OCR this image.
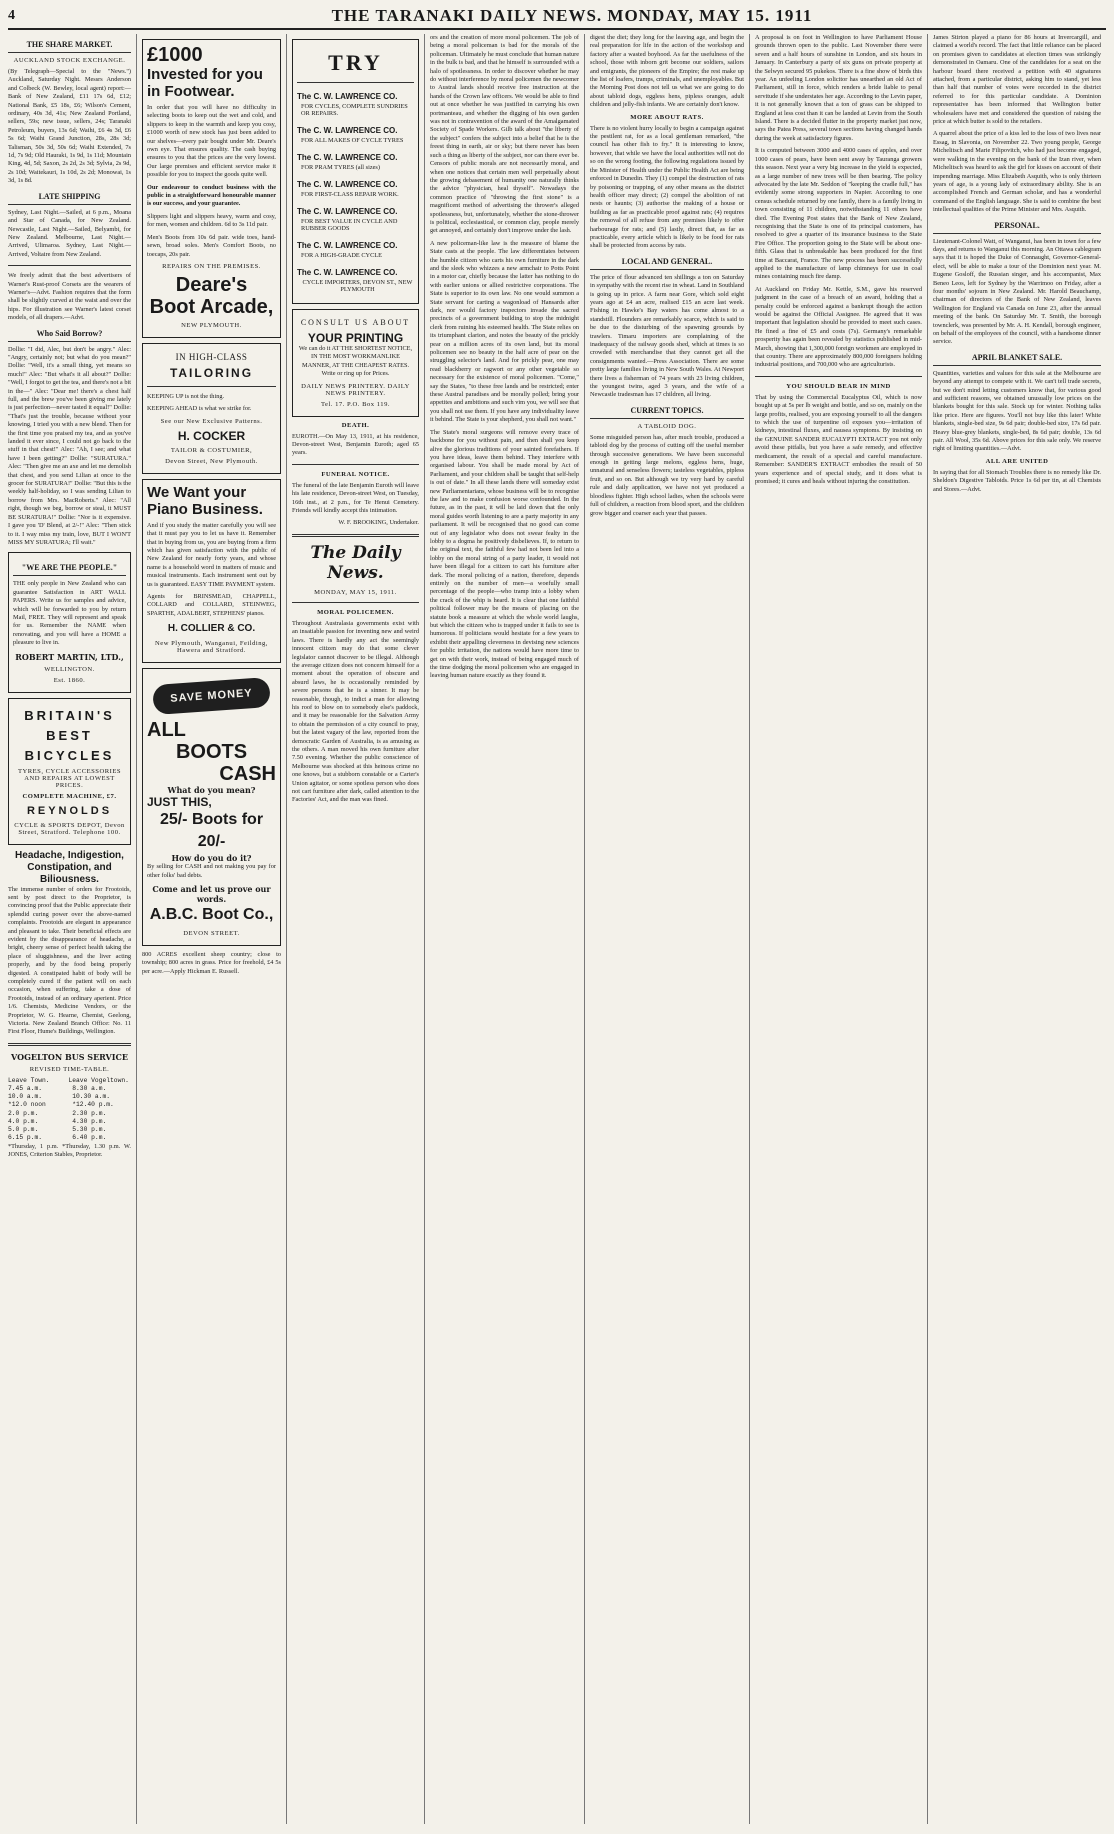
4	THE TARANAKI DAILY NEWS. MONDAY, MAY 15. 1911
THE SHARE MARKET.
AUCKLAND STOCK EXCHANGE.

(By Telegraph—Special to the "News.") Auckland, Saturday Night. Messrs Anderson and Colbeck (W. Bewley, local agent) report:—Bank of New Zealand, £11 17s 6d, £12; National Bank, £5 18s, £6; Wilson's Cement, ordinary, 40s 3d, 41s; New Zealand Portland, sellers, 59s; new issue, sellers, 24s; Taranaki Petroleum, buyers, 13s 6d; Waihi, £6 4s 3d, £6 5s 6d; Waihi Grand Junction, 28s, 28s 3d; Talisman, 50s 3d, 50s 6d; Waihi Extended, 7s 1d, 7s 9d; Old Hauraki, 1s 9d, 1s 11d; Mountain King, 4d, 5d; Saxon, 2s 2d, 2s 3d; Sylvia, 2s 9d, 2s 10d; Waitekauri, 1s 10d, 2s 2d; Monowai, 1s 3d, 1s 8d.

LATE SHIPPING

Sydney, Last Night.—Sailed, at 6 p.m., Moana and Star of Canada, for New Zealand. Newcastle, Last Night.—Sailed, Belyambi, for New Zealand. Melbourne, Last Night.—Arrived, Ulimaroa. Sydney, Last Night.—Arrived, Voltaire from New Zealand.

We freely admit that the best advertisers of Warner's Rust-proof Corsets are the wearers of Warner's—Advt. Fashion requires that the form shall be slightly curved at the waist and over the hips. For illustration see Warner's latest corset models, of all drapers.—Advt.

Who Said Borrow?

Dollie: "I did, Alec, but don't be angry." Alec: "Angry, certainly not; but what do you mean?" Dollie: "Well, it's a small thing, yet means so much!" Alec: "But what's it all about?" Dollie: "Well, I forgot to get the tea, and there's not a bit in the—" Alec: "Dear me! there's a chest half full, and the brew you've been giving me lately is just perfection—never tasted it equal!" Dollie: "That's just the trouble, because without your knowing, I tried you with a new blend. Then for the first time you praised my tea, and as you've landed it ever since, I could not go back to the stuff in that chest!" Alec: "Ah, I see; and what have I been getting?" Dollie: "SURATURA." Alec: "Then give me an axe and let me demolish that chest, and you send Lilian at once to the grocer for SURATURA!" Dollie: "But this is the weekly half-holiday, so I was sending Lilian to borrow from Mrs. MacRoberts." Alec: "All right, though we beg, borrow or steal, it MUST BE SURATURA!" Dollie: "Nor is it expensive. I gave you 'D' Blend, at 2/-!" Alec: "Then stick to it. I way miss my train, love, BUT I WON'T MISS MY SURATURA; I'll wait."

"WE ARE THE PEOPLE."

THE only people in New Zealand who can guarantee Satisfaction in ART WALL PAPERS. Write us for samples and advice, which will be forwarded to you by return Mail, FREE. They will represent and speak for us. Remember the NAME when renovating, and you will have a HOME a pleasure to live in.

ROBERT MARTIN, LTD.,
WELLINGTON.
Est. 1860.
BRITAIN'S
BEST
BICYCLES
TYRES, CYCLE ACCESSORIES AND REPAIRS AT LOWEST PRICES.
COMPLETE MACHINE, £7.
REYNOLDS
CYCLE & SPORTS DEPOT, Devon Street, Stratford. Telephone 100.
Headache, Indigestion, Constipation, and Biliousness.

The immense number of orders for Frootoids, sent by post direct to the Proprietor, is convincing proof that the Public appreciate their splendid curing power over the above-named complaints. Frootoids are elegant in appearance and pleasant to take. Their beneficial effects are evident by the disappearance of headache, a bright, cheery sense of perfect health taking the place of sluggishness, and the liver acting properly, and by the food being properly digested. A constipated habit of body will be completely cured if the patient will on each occasion, when suffering, take a dose of Frootoids, instead of an ordinary aperient. Price 1/6. Chemists, Medicine Vendors, or the Proprietor, W. G. Hearne, Chemist, Geelong, Victoria. New Zealand Branch Office: No. 11 First Floor, Hume's Buildings, Wellington.

VOGELTON BUS SERVICE
REVISED TIME-TABLE.
Leave Town.     Leave Vogeltown.
7.45 a.m.        8.30 a.m.
10.0 a.m.        10.30 a.m.
*12.0 noon       *12.40 p.m.
2.0 p.m.         2.30 p.m.
4.0 p.m.         4.30 p.m.
5.0 p.m.         5.30 p.m.
6.15 p.m.        6.40 p.m.

*Thursday, 1 p.m. *Thursday, 1.30 p.m. W. JONES, Criterion Stables, Proprietor.

£1000
Invested for you in Footwear.

In order that you will have no difficulty in selecting boots to keep out the wet and cold, and slippers to keep in the warmth and keep you cosy, £1000 worth of new stock has just been added to our shelves—every pair bought under Mr. Deare's own eye. That ensures quality. The cash buying ensures to you that the prices are the very lowest. Our large premises and efficient service make it possible for you to inspect the goods quite well.

Our endeavour to conduct business with the public in a straightforward honourable manner is our success, and your guarantee.

Slippers light and slippers heavy, warm and cosy, for men, women and children. 6d to 3s 11d pair.

Men's Boots from 10s 6d pair. wide toes, hand-sewn, broad soles. Men's Comfort Boots, no toecaps, 20s pair.

REPAIRS ON THE PREMISES.
Deare's
Boot Arcade,
NEW PLYMOUTH.
IN HIGH-CLASS
TAILORING

KEEPING UP is not the thing.

KEEPING AHEAD is what we strike for.

See our New Exclusive Patterns.
H. COCKER
TAILOR & COSTUMIER,
Devon Street, New Plymouth.
We Want your Piano Business.

And if you study the matter carefully you will see that it must pay you to let us have it. Remember that in buying from us, you are buying from a firm which has given satisfaction with the public of New Zealand for nearly forty years, and whose name is a household word in matters of music and musical instruments. Each instrument sent out by us is guaranteed. EASY TIME PAYMENT system.

Agents for BRINSMEAD, CHAPPELL, COLLARD and COLLARD, STEINWEG, SPARTHE, ADALBERT, STEPHENS' pianos.

H. COLLIER & CO.
New Plymouth, Wanganui, Feilding, Hawera and Stratford.
SAVE MONEY
ALL
BOOTS
CASH
What do you mean?
JUST THIS,
25/- Boots for 20/-
How do you do it?

By selling for CASH and not making you pay for other folks' bad debts.

Come and let us prove our words.
A.B.C. Boot Co.,
DEVON STREET.

800 ACRES excellent sheep country; close to township; 800 acres in grass. Price for freehold, £4 5s per acre.—Apply Hickman E. Russell.

TRY
The C. W. LAWRENCE CO.
FOR CYCLES, COMPLETE SUNDRIES OR REPAIRS.
The C. W. LAWRENCE CO.
FOR ALL MAKES OF CYCLE TYRES
The C. W. LAWRENCE CO.
FOR PRAM TYRES (all sizes)
The C. W. LAWRENCE CO.
FOR FIRST-CLASS REPAIR WORK.
The C. W. LAWRENCE CO.
FOR BEST VALUE IN CYCLE AND RUBBER GOODS
The C. W. LAWRENCE CO.
FOR A HIGH-GRADE CYCLE
The C. W. LAWRENCE CO.
CYCLE IMPORTERS, DEVON ST., NEW PLYMOUTH
CONSULT US ABOUT
YOUR PRINTING

We can do it AT THE SHORTEST NOTICE, IN THE MOST WORKMANLIKE MANNER, AT THE CHEAPEST RATES. Write or ring up for Prices.

DAILY NEWS PRINTERY. DAILY NEWS PRINTERY.
Tel. 17. P.O. Box 119.
DEATH.

EUROTH.—On May 13, 1911, at his residence, Devon-street West, Benjamin Euroth; aged 65 years.

FUNERAL NOTICE.

The funeral of the late Benjamin Euroth will leave his late residence, Devon-street West, on Tuesday, 16th inst., at 2 p.m., for Te Henui Cemetery. Friends will kindly accept this intimation.

W. F. BROOKING, Undertaker.

The Daily News.
MONDAY, MAY 15, 1911.
MORAL POLICEMEN.

Throughout Australasia governments exist with an insatiable passion for inventing new and weird laws. There is hardly any act the seemingly innocent citizen may do that some clever legislator cannot discover to be illegal. Although the average citizen does not concern himself for a moment about the operation of obscure and absurd laws, he is occasionally reminded by severe persons that he is a sinner. It may be reasonable, though, to indict a man for allowing his roof to blow on to somebody else's paddock, and it may be reasonable for the Salvation Army to obtain the permission of a city council to pray, but the latest vagary of the law, reported from the democratic Garden of Australia, is as amusing as the others. A man moved his own furniture after 7.50 evening. Whether the public conscience of Melbourne was shocked at this heinous crime no one knows, but a stubborn constable or a Carter's Union agitator, or some spotless person who does not cart furniture after dark, called attention to the Factories' Act, and the man was fined.

ors and the creation of more moral policemen. The job of being a moral policeman is bad for the morals of the policeman. Ultimately he must conclude that human nature in the bulk is bad, and that he himself is surrounded with a halo of spotlessness. In order to discover whether he may do without interference by moral policemen the newcomer to Austral lands should receive free instruction at the hands of the Crown law officers. We would be able to find out at once whether he was justified in carrying his own portmanteau, and whether the digging of his own garden was not in contravention of the award of the Amalgamated Society of Spade Workers. Gilb talk about "the liberty of the subject" confers the subject into a belief that he is the freest thing in earth, air or sky; but there never has been such a thing as liberty of the subject, nor can there ever be. Censors of public morals are not necessarily moral, and when one notices that certain men well perpetually about the growing debasement of humanity one naturally thinks the advice "physician, heal thyself". Nowadays the common practice of "throwing the first stone" is a magnificent method of advertising the thrower's alleged spotlessness, but, unfortunately, whether the stone-thrower is political, ecclesiastical, or common clay, people merely get annoyed, and certainly don't improve under the lash.

A new policeman-like law is the measure of blame the State casts at the people. The law differentiates between the humble citizen who carts his own furniture in the dark and the sleek who whizzes a new armchair to Potts Point in a motor car, chiefly because the latter has nothing to do with earlier unions or allied restrictive corporations. The State is superior to its own law. No one would summon a State servant for carting a wagonload of Hansards after dark, nor would factory inspectors invade the sacred precincts of a government building to stop the midnight clerk from ruining his esteemed health. The State relies on its triumphant clarion, and notes the beauty of the prickly pear on a million acres of its own land, but its moral policemen see no beauty in the half acre of pear on the struggling selector's land. And for prickly pear, one may read blackberry or ragwort or any other vegetable so necessary for the existence of moral policemen. "Come," say the States, "to these free lands and be restricted; enter these Austral paradises and be morally polled; bring your appetites and ambitions and such vim you, we will see that you shall not use them. If you have any individuality leave it behind. The State is your shepherd, you shall not want."

The State's moral surgeons will remove every trace of backbone for you without pain, and then shall you keep alive the glorious traditions of your sainted forefathers. If you have ideas, leave them behind. They interfere with organised labour. You shall be made moral by Act of Parliament, and your children shall be taught that self-help is out of date." In all these lands there will someday exist new Parliamentarians, whose business will be to recognise the law and to make confusion worse confounded. In the future, as in the past, it will be laid down that the only moral guides worth listening to are a party majority in any parliament. It will be recognised that no good can come out of any legislator who does not swear fealty in the lobby to a dogma he positively disbelieves. If, to return to the original text, the faithful few had not been led into a lobby on the moral string of a party leader, it would not have been illegal for a citizen to cart his furniture after dark. The moral policing of a nation, therefore, depends entirely on the number of men—a woefully small percentage of the people—who tramp into a lobby when the crack of the whip is heard. It is clear that one faithful political follower may be the means of placing on the statute book a measure at which the whole world laughs, but which the citizen who is trapped under it fails to see is humorous. If politicians would hesitate for a few years to exhibit their appalling cleverness in devising new sciences for public irritation, the nations would have more time to get on with their work, instead of being engaged much of the time dodging the moral policemen who are engaged in leaving human nature exactly as they found it.

digest the diet; they long for the leaving age, and begin the real preparation for life in the action of the workshop and factory after a wasted boyhood. As far the usefulness of the school, those with inborn grit become our soldiers, sailors and emigrants, the pioneers of the Empire; the rest make up the list of loafers, tramps, criminals, and unemployables. But the Morning Post does not tell us what we are going to do about tabloid dogs, eggless hens, pipless oranges, adult children and jelly-fish infants. We are certainly don't know.

MORE ABOUT RATS.

There is no violent hurry locally to begin a campaign against the pestilent rat, for as a local gentleman remarked, "the council has other fish to fry." It is interesting to know, however, that while we have the local authorities will not do so on the wrong footing, the following regulations issued by the Minister of Health under the Public Health Act are being enforced in Dunedin. They (1) compel the destruction of rats by poisoning or trapping, of any other means as the district health officer may direct; (2) compel the abolition of rat nests or haunts; (3) authorise the making of a house or building as far as practicable proof against rats; (4) requires the removal of all refuse from any premises likely to offer harbourage for rats; and (5) lastly, direct that, as far as practicable, every article which is likely to be food for rats shall be protected from access by rats.

LOCAL AND GENERAL.

The price of flour advanced ten shillings a ton on Saturday in sympathy with the recent rise in wheat. Land in Southland is going up in price. A farm near Gore, which sold eight years ago at £4 an acre, realised £15 an acre last week. Fishing in Hawke's Bay waters has come almost to a standstill. Flounders are remarkably scarce, which is said to be due to the disturbing of the spawning grounds by trawlers. Timaru importers are complaining of the inadequacy of the railway goods shed, which at times is so crowded with merchandise that they cannot get all the consignments wanted.—Press Association. There are some pretty large families living in New South Wales. At Newport there lives a fisherman of 74 years with 23 living children, the youngest twins, aged 3 years, and the wife of a Newcastle tradesman has 17 children, all living.

CURRENT TOPICS.
A TABLOID DOG.

Some misguided person has, after much trouble, produced a tabloid dog by the process of cutting off the useful member through successive generations. We have been successful enough in getting large melons, eggless hens, huge, unnatural and senseless flowers; tasteless vegetables, pipless fruit, and so on. But although we try very hard by careful rule and daily application, we have not yet produced a bloodless fighter. High school ladies, when the schools were full of children, a reaction from blood sport, and the children grow bigger and coarser each year that passes.

A proposal is on foot in Wellington to have Parliament House grounds thrown open to the public. Last November there were seven and a half hours of sunshine in London, and six hours in January. In Canterbury a party of six guns on private property at the Selwyn secured 95 pukekos. There is a fine show of birds this year. An unfeeling London solicitor has unearthed an old Act of Parliament, still in force, which renders a bride liable to penal servitude if she understates her age. According to the Levin paper, it is not generally known that a ton of grass can be shipped to England at less cost than it can be landed at Levin from the South Island. There is a decided flutter in the property market just now, says the Patea Press, several town sections having changed hands during the week at satisfactory figures.

It is computed between 3000 and 4000 cases of apples, and over 1000 cases of pears, have been sent away by Tauranga growers this season. Next year a very big increase in the yield is expected, as a large number of new trees will be then bearing. The policy advocated by the late Mr. Seddon of "keeping the cradle full," has evidently some strong supporters in Napier. According to one census schedule returned by one family, there is a family living in town consisting of 11 children, notwithstanding 11 others have died. The Evening Post states that the Bank of New Zealand, recognising that the State is one of its principal customers, has resolved to give a quarter of its insurance business to the State Fire Office. The proportion going to the State will be about one-fifth. Glass that is unbreakable has been produced for the first time at Baccarat, France. The new process has been successfully applied to the manufacture of lamp chimneys for use in coal mines containing much fire damp.

At Auckland on Friday Mr. Kettle, S.M., gave his reserved judgment in the case of a breach of an award, holding that a penalty could be enforced against a bankrupt though the action would be against the Official Assignee. He agreed that it was important that legislation should be provided to meet such cases. He fined a fine of £5 and costs (7s). Germany's remarkable prosperity has again been revealed by statistics published in mid-March, showing that 1,300,000 foreign workmen are employed in that country. There are approximately 800,000 foreigners holding industrial positions, and 700,000 who are agriculturists.

YOU SHOULD BEAR IN MIND

That by using the Commercial Eucalyptus Oil, which is now bought up at 5s per lb weight and bottle, and so on, mainly on the large profits, realised, you are exposing yourself to all the dangers to which the use of turpentine oil exposes you—irritation of kidneys, intestinal fluxes, and nausea symptoms. By insisting on the GENUINE SANDER EUCALYPTI EXTRACT you not only avoid these pitfalls, but you have a safe remedy, and effective medicament, the result of a special and careful manufacture. Remember: SANDER'S EXTRACT embodies the result of 50 years experience and of special study, and it does what is promised; it cures and heals without injuring the constitution.

James Stirton played a piano for 86 hours at Invercargill, and claimed a world's record. The fact that little reliance can be placed on promises given to candidates at election times was strikingly demonstrated in Oamaru. One of the candidates for a seat on the harbour board there received a petition with 40 signatures attached, from a particular district, asking him to stand, yet less than half that number of votes were recorded in the district referred to for this particular candidate. A Dominion representative has been informed that Wellington butter wholesalers have met and considered the question of raising the price at which butter is sold to the retailers.

A quarrel about the price of a kiss led to the loss of two lives near Essag, in Slavonia, on November 22. Two young people, George Michelitsch and Marie Filipovitch, who had just become engaged, were walking in the evening on the bank of the Izan river, when Michelitsch was heard to ask the girl for kisses on account of their impending marriage. Miss Elizabeth Asquith, who is only thirteen years of age, is a young lady of extraordinary ability. She is an accomplished French and German scholar, and has a wonderful command of the English language. She is said to combine the best intellectual qualities of the Prime Minister and Mrs. Asquith.

PERSONAL.

Lieutenant-Colonel Watt, of Wanganui, has been in town for a few days, and returns to Wanganui this morning. An Ottawa cablegram says that it is hoped the Duke of Connaught, Governor-General-elect, will be able to make a tour of the Dominion next year. M. Eugene Gosloff, the Russian singer, and his accompanist, Max Beneo Leos, left for Sydney by the Warrimoo on Friday, after a four months' sojourn in New Zealand. Mr. Harold Beauchamp, chairman of directors of the Bank of New Zealand, leaves Wellington for England via Canada on June 23, after the annual meeting of the bank. On Saturday Mr. T. Smith, the borough townclerk, was presented by Mr. A. H. Kendall, borough engineer, on behalf of the employees of the council, with a handsome dinner service.

APRIL BLANKET SALE.

Quantities, varieties and values for this sale at the Melbourne are beyond any attempt to compete with it. We can't tell trade secrets, but we don't mind letting customers know that, for various good and sufficient reasons, we obtained unusually low prices on the blankets bought for this sale. Stock up for winter. Nothing talks like price. Here are figures. You'll not buy like this later! White blankets, single-bed size, 9s 6d pair; double-bed size, 17s 6d pair. Heavy blue-grey blankets, single-bed, 8s 6d pair; double, 13s 6d pair. All Wool, 35s 6d. Above prices for this sale only. We reserve right of limiting quantities.—Advt.

ALL ARE UNITED

In saying that for all Stomach Troubles there is no remedy like Dr. Sheldon's Digestive Tabloids. Price 1s 6d per tin, at all Chemists and Stores.—Advt.
